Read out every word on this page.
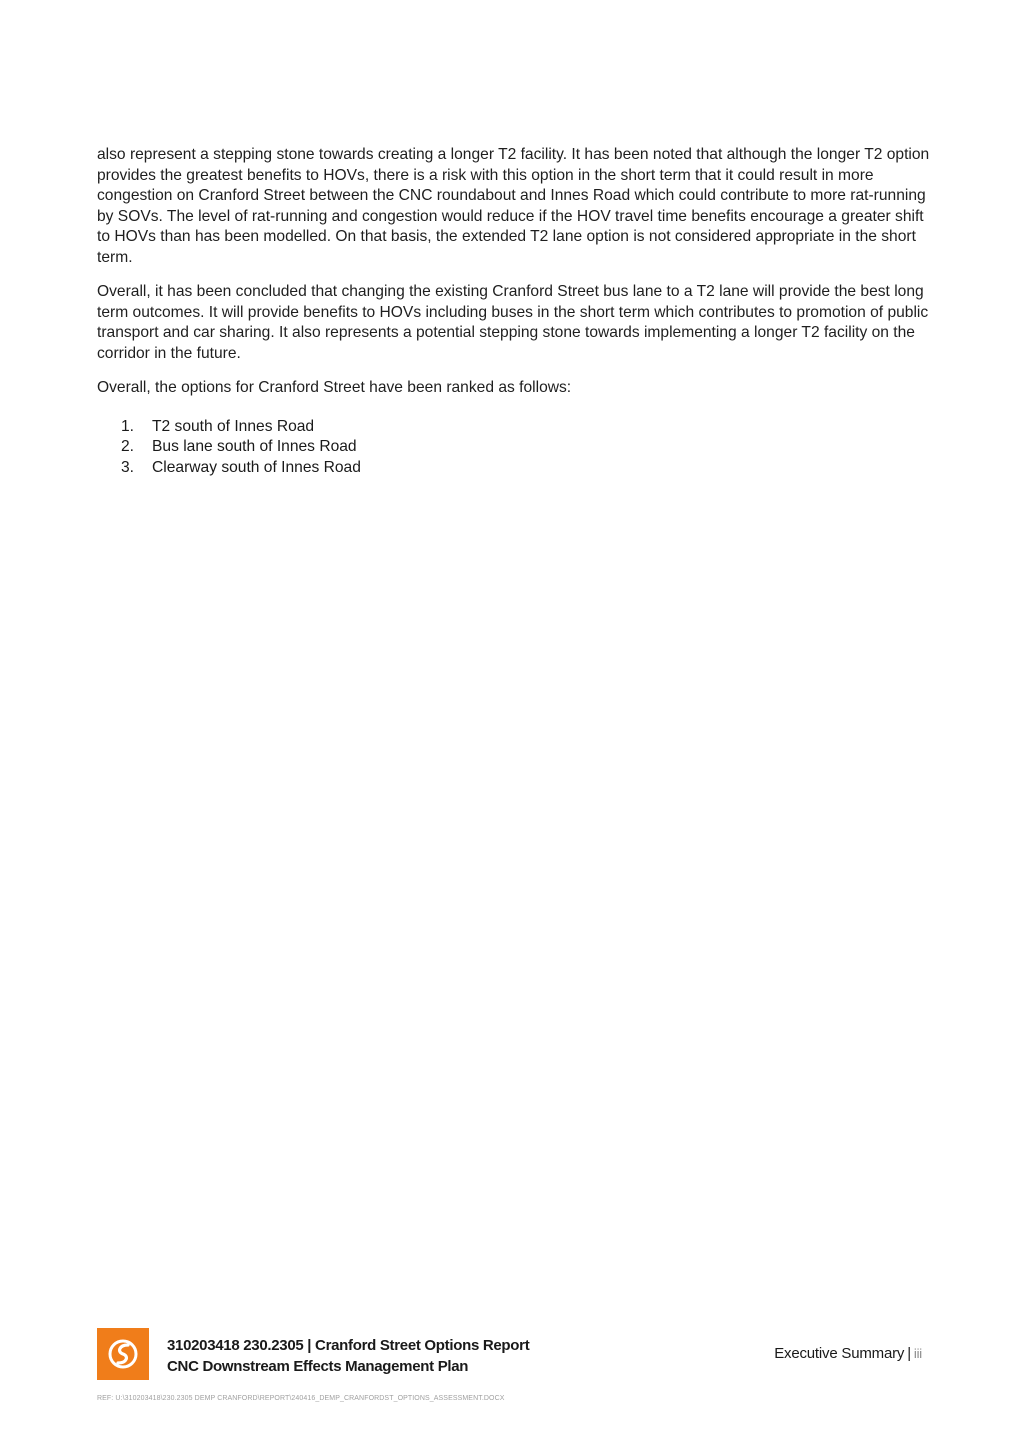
also represent a stepping stone towards creating a longer T2 facility. It has been noted that although the longer T2 option provides the greatest benefits to HOVs, there is a risk with this option in the short term that it could result in more congestion on Cranford Street between the CNC roundabout and Innes Road which could contribute to more rat-running by SOVs. The level of rat-running and congestion would reduce if the HOV travel time benefits encourage a greater shift to HOVs than has been modelled. On that basis, the extended T2 lane option is not considered appropriate in the short term.

Overall, it has been concluded that changing the existing Cranford Street bus lane to a T2 lane will provide the best long term outcomes. It will provide benefits to HOVs including buses in the short term which contributes to promotion of public transport and car sharing. It also represents a potential stepping stone towards implementing a longer T2 facility on the corridor in the future.

Overall, the options for Cranford Street have been ranked as follows:

1.	T2 south of Innes Road
2.	Bus lane south of Innes Road
3.	Clearway south of Innes Road
310203418 230.2305 | Cranford Street Options Report
CNC Downstream Effects Management Plan
Executive Summary | iii
REF: U:\310203418\230.2305 DEMP CRANFORD\REPORT\240416_DEMP_CRANFORDST_OPTIONS_ASSESSMENT.DOCX
